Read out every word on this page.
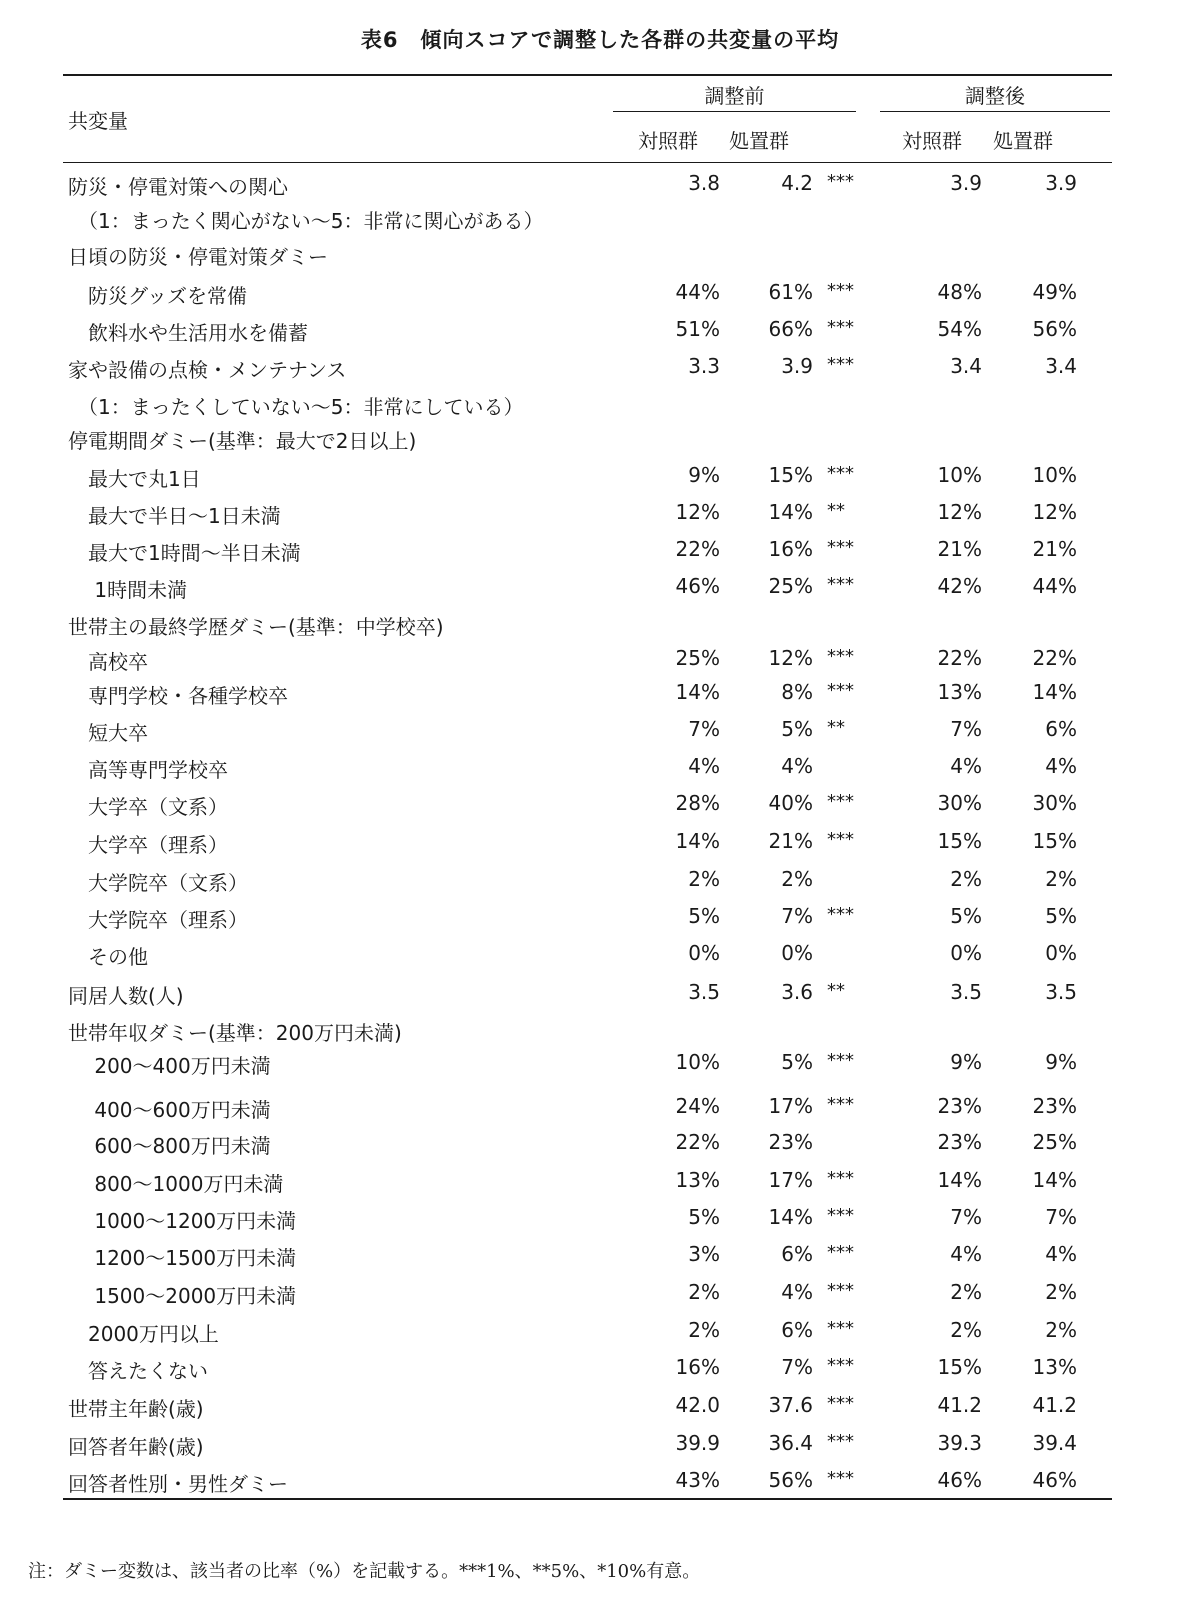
表6　傾向スコアで調整した各群の共変量の平均
共変量
調整前	調整後
対照群 処置群	対照群 処置群
防災・停電対策への関心	3.8	4.2 ***	3.9	3.9
　（1：まったく関心がない〜5：非常に関心がある）
日頃の防災・停電対策ダミー
　防災グッズを常備	44% 61% ***	48%	49%
　飲料水や生活用水を備蓄	51% 66% ***	54%	56%
家や設備の点検・メンテナンス	3.3	3.9 ***	3.4	3.4
　（1：まったくしていない〜5：非常にしている）
停電期間ダミー(基準：最大で2日以上)
　最大で丸1日	9% 15% ***	10%	10%
　最大で半日〜1日未満	12% 14% **	12%	12%
　最大で1時間〜半日未満	22% 16% ***	21%	21%
　 1時間未満	46% 25% ***	42%	44%
世帯主の最終学歴ダミー(基準：中学校卒)
　高校卒	25% 12% ***	22%	22%
　専門学校・各種学校卒	14%	8% ***	13%	14%
　短大卒	7%	5% **	7%	6%
　高等専門学校卒	4%	4%	4%	4%
　大学卒（文系）	28% 40% ***	30%	30%
　大学卒（理系）	14% 21% ***	15%	15%
　大学院卒（文系）	2%	2%	2%	2%
　大学院卒（理系）	5%	7% ***	5%	5%
　その他	0%	0%	0%	0%
同居人数(人)	3.5	3.6 **	3.5	3.5
世帯年収ダミー(基準：200万円未満)
　 200〜400万円未満	10%	5% ***	9%	9%
　 400〜600万円未満	24% 17% ***	23%	23%
　 600〜800万円未満	22% 23%	23%	25%
　 800〜1000万円未満	13% 17% ***	14%	14%
　 1000〜1200万円未満	5% 14% ***	7%	7%
　 1200〜1500万円未満	3%	6% ***	4%	4%
　 1500〜2000万円未満	2%	4% ***	2%	2%
　2000万円以上	2%	6% ***	2%	2%
　答えたくない	16%	7% ***	15%	13%
世帯主年齢(歳)	42.0 37.6 ***	41.2	41.2
回答者年齢(歳)	39.9 36.4 ***	39.3	39.4
回答者性別・男性ダミー	43% 56% ***	46%	46%
注：ダミー変数は、該当者の比率（%）を記載する。***1%、**5%、*10%有意。
